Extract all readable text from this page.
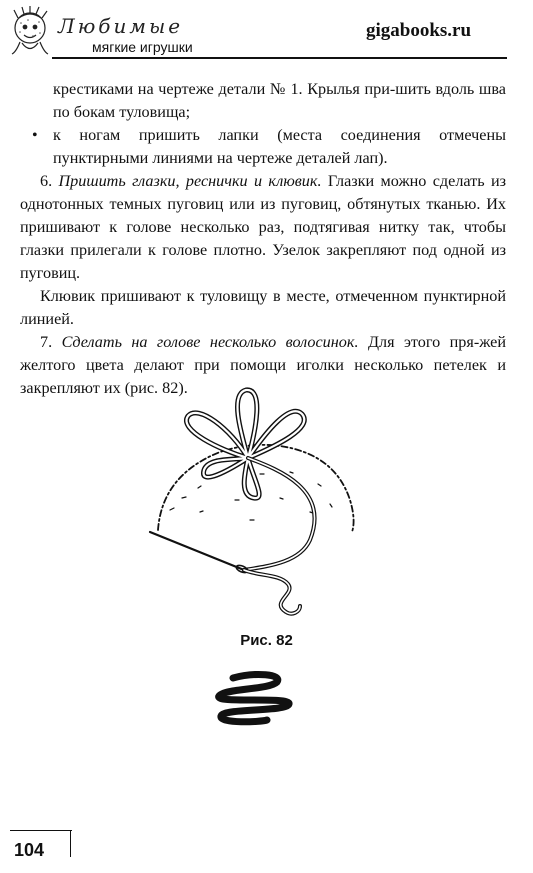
Любимые
мягкие игрушки
gigabooks.ru
крестиками на чертеже детали № 1. Крылья при-шить вдоль шва по бокам туловища;
• к ногам пришить лапки (места соединения отмечены пунктирными линиями на чертеже деталей лап).

6. Пришить глазки, реснички и клювик. Глазки можно сделать из однотонных темных пуговиц или из пуговиц, обтянутых тканью. Их пришивают к голове несколько раз, подтягивая нитку так, чтобы глазки прилегали к голове плотно. Узелок закрепляют под одной из пуговиц.

Клювик пришивают к туловищу в месте, отмеченном пунктирной линией.

7. Сделать на голове несколько волосинок. Для этого пря-жей желтого цвета делают при помощи иголки несколько петелек и закрепляют их (рис. 82).

Рис. 82
104
